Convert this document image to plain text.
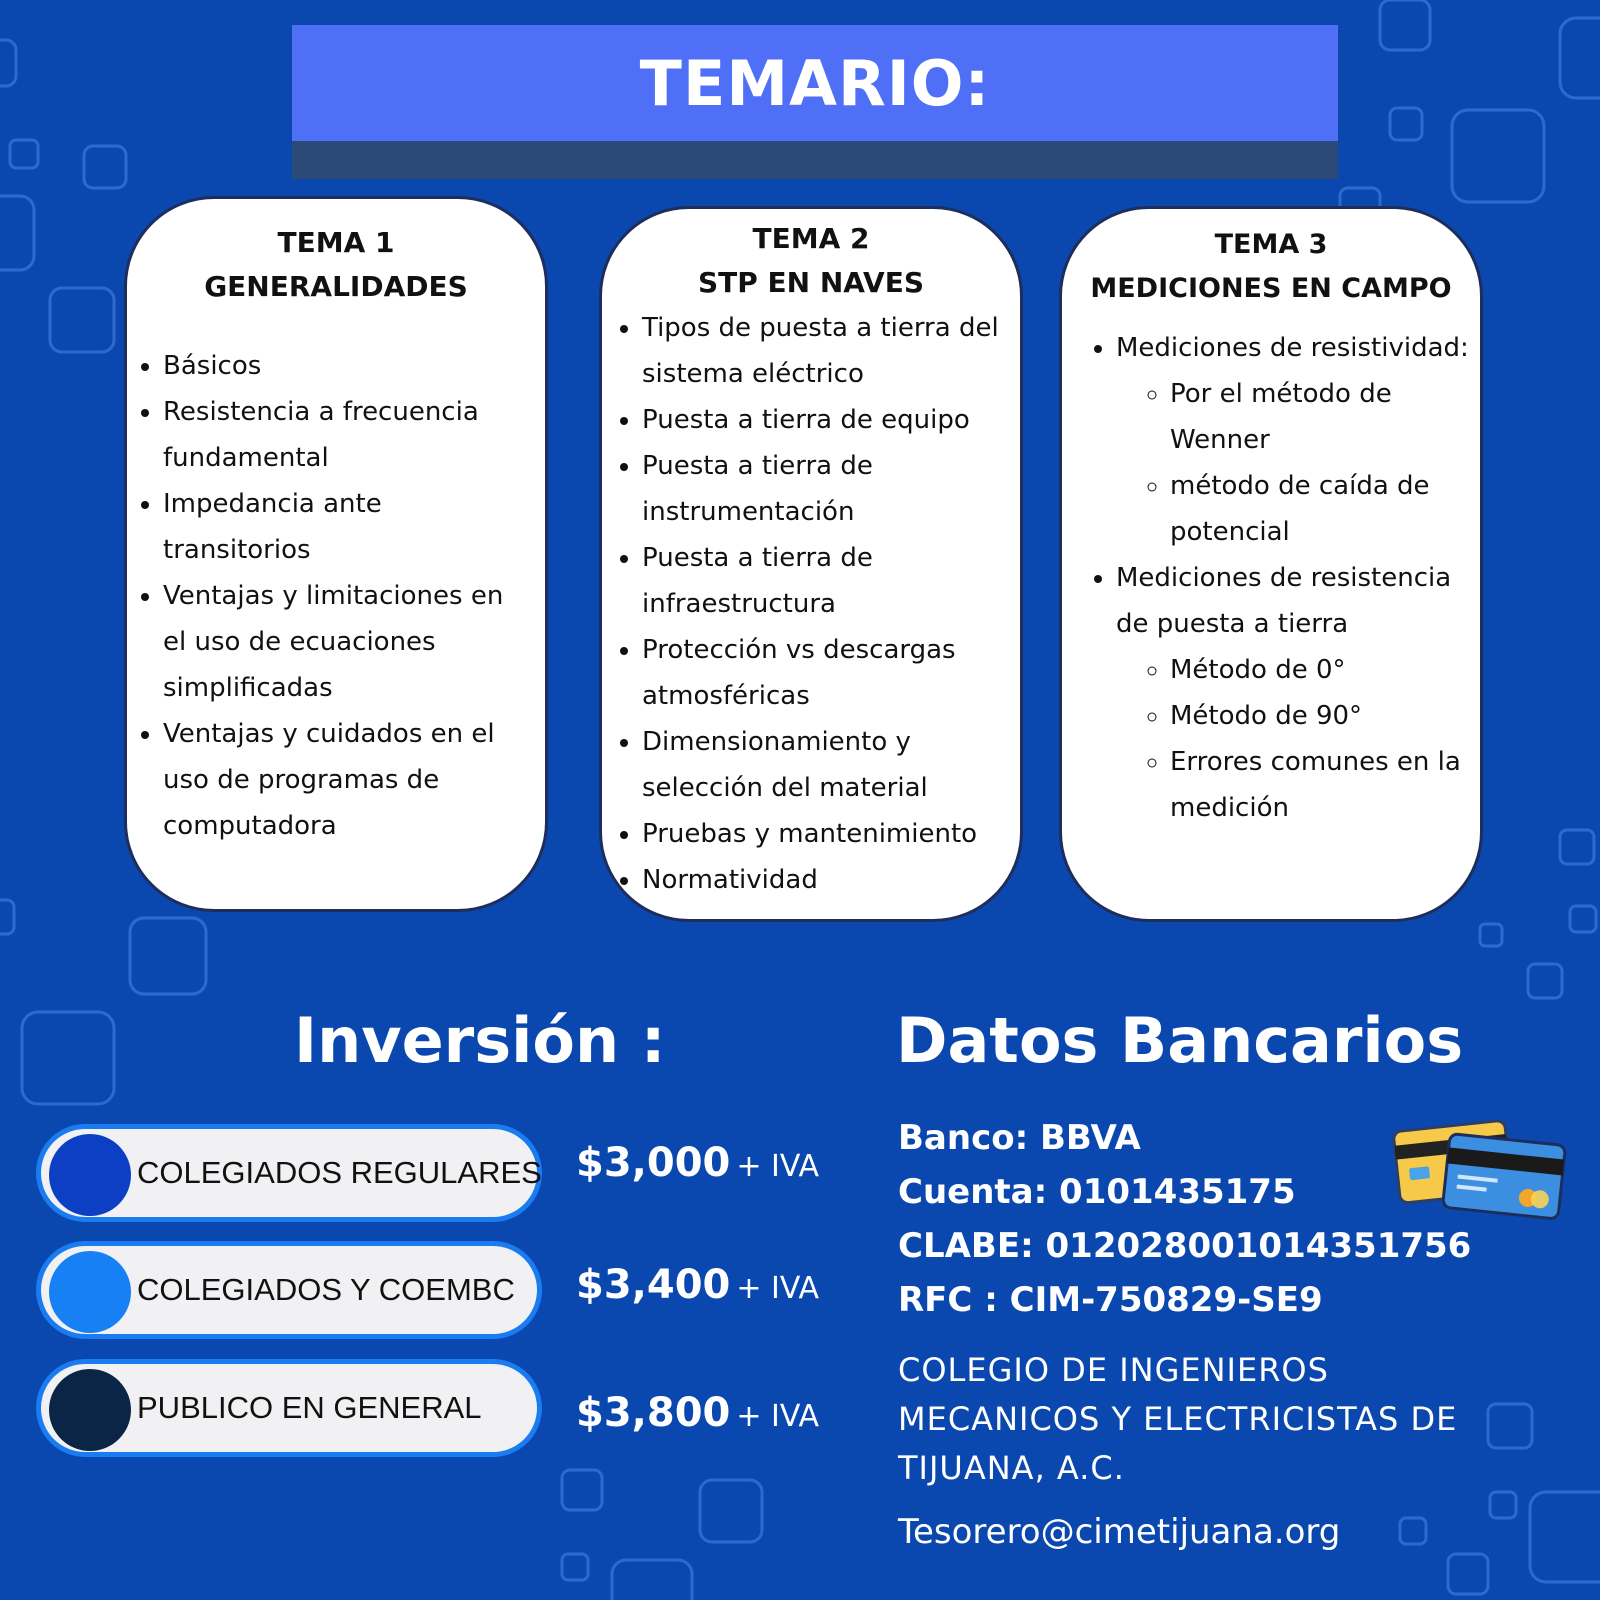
TEMARIO:
TEMA 1
GENERALIDADES
• Básicos
• Resistencia a frecuencia fundamental
• Impedancia ante transitorios
• Ventajas y limitaciones en el uso de ecuaciones simplificadas
• Ventajas y cuidados en el uso de programas de computadora
TEMA 2
STP EN NAVES
• Tipos de puesta a tierra del sistema eléctrico
• Puesta a tierra de equipo
• Puesta a tierra de instrumentación
• Puesta a tierra de infraestructura
• Protección vs descargas atmosféricas
• Dimensionamiento y selección del material
• Pruebas y mantenimiento
• Normatividad
TEMA 3
MEDICIONES EN CAMPO
• Mediciones de resistividad:
◦ Por el método de Wenner
◦ método de caída de potencial
• Mediciones de resistencia de puesta a tierra
◦ Método de 0°
◦ Método de 90°
◦ Errores comunes en la medición
Inversión :
COLEGIADOS REGULARES $3,000 + IVA
COLEGIADOS Y COEMBC $3,400 + IVA
PUBLICO EN GENERAL $3,800 + IVA
Datos Bancarios
Banco: BBVA
Cuenta: 0101435175
CLABE: 012028001014351756
RFC : CIM-750829-SE9
COLEGIO DE INGENIEROS MECANICOS Y ELECTRICISTAS DE TIJUANA, A.C.
Tesorero@cimetijuana.org
